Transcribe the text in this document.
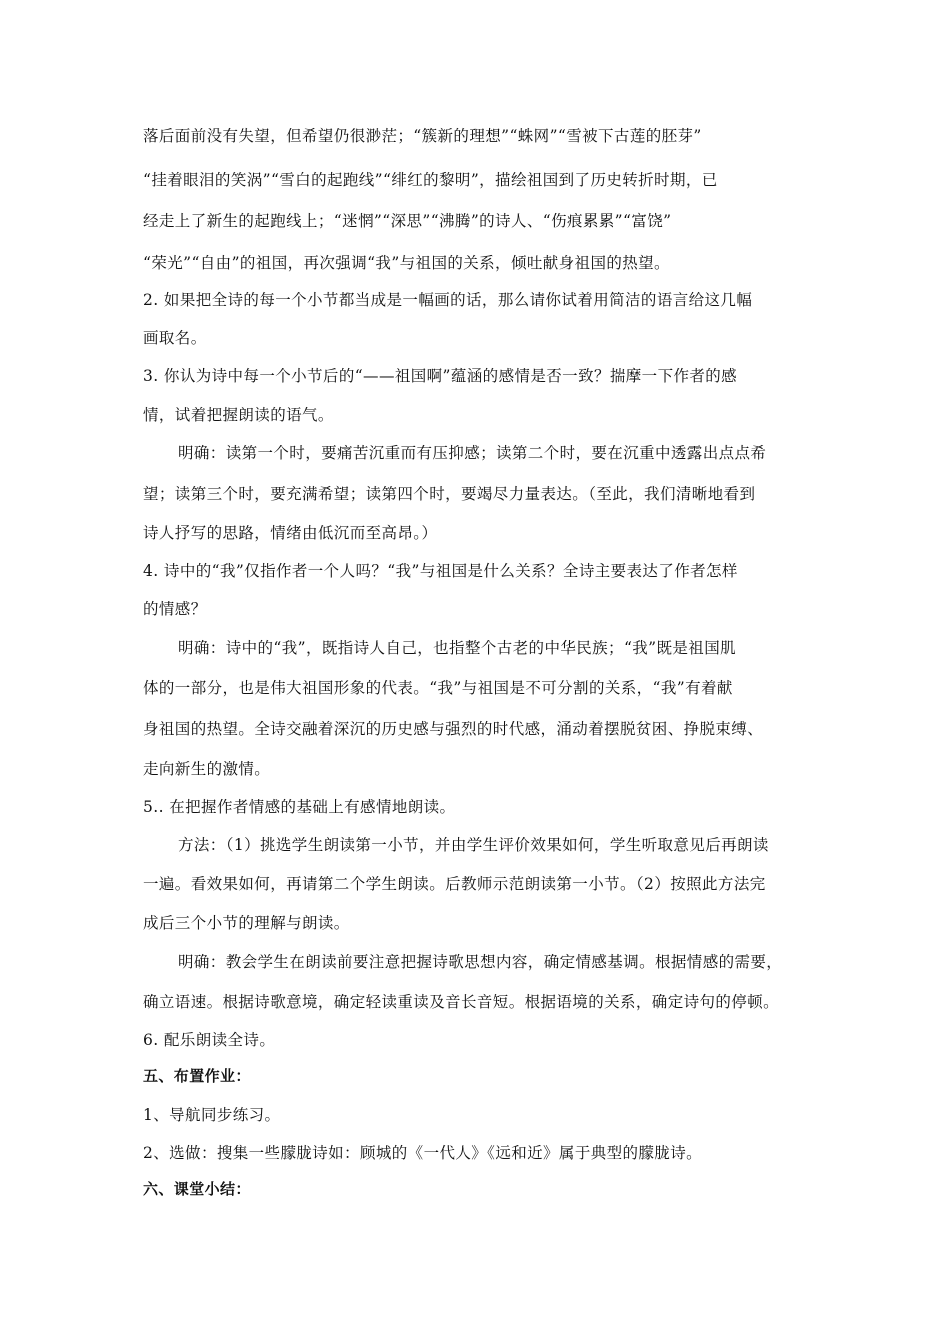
落后面前没有失望，但希望仍很渺茫；“簇新的理想”“蛛网”“雪被下古莲的胚芽”
“挂着眼泪的笑涡”“雪白的起跑线”“绯红的黎明”，描绘祖国到了历史转折时期，已
经走上了新生的起跑线上；“迷惘”“深思”“沸腾”的诗人、“伤痕累累”“富饶”
“荣光”“自由”的祖国，再次强调“我”与祖国的关系，倾吐献身祖国的热望。
2. 如果把全诗的每一个小节都当成是一幅画的话，那么请你试着用简洁的语言给这几幅
画取名。
3. 你认为诗中每一个小节后的“——祖国啊”蕴涵的感情是否一致？揣摩一下作者的感
情，试着把握朗读的语气。
明确：读第一个时，要痛苦沉重而有压抑感；读第二个时，要在沉重中透露出点点希
望；读第三个时，要充满希望；读第四个时，要竭尽力量表达。（至此，我们清晰地看到
诗人抒写的思路，情绪由低沉而至高昂。）
4. 诗中的“我”仅指作者一个人吗？“我”与祖国是什么关系？全诗主要表达了作者怎样
的情感？
明确：诗中的“我”，既指诗人自己，也指整个古老的中华民族；“我”既是祖国肌
体的一部分，也是伟大祖国形象的代表。“我”与祖国是不可分割的关系，“我”有着献
身祖国的热望。全诗交融着深沉的历史感与强烈的时代感，涌动着摆脱贫困、挣脱束缚、
走向新生的激情。
5.. 在把握作者情感的基础上有感情地朗读。
方法：（1）挑选学生朗读第一小节，并由学生评价效果如何，学生听取意见后再朗读
一遍。看效果如何，再请第二个学生朗读。后教师示范朗读第一小节。（2）按照此方法完
成后三个小节的理解与朗读。
明确：教会学生在朗读前要注意把握诗歌思想内容，确定情感基调。根据情感的需要，
确立语速。根据诗歌意境，确定轻读重读及音长音短。根据语境的关系，确定诗句的停顿。
6. 配乐朗读全诗。
五、布置作业：
1、导航同步练习。
2、选做：搜集一些朦胧诗如：顾城的《一代人》《远和近》属于典型的朦胧诗。
六、课堂小结：
